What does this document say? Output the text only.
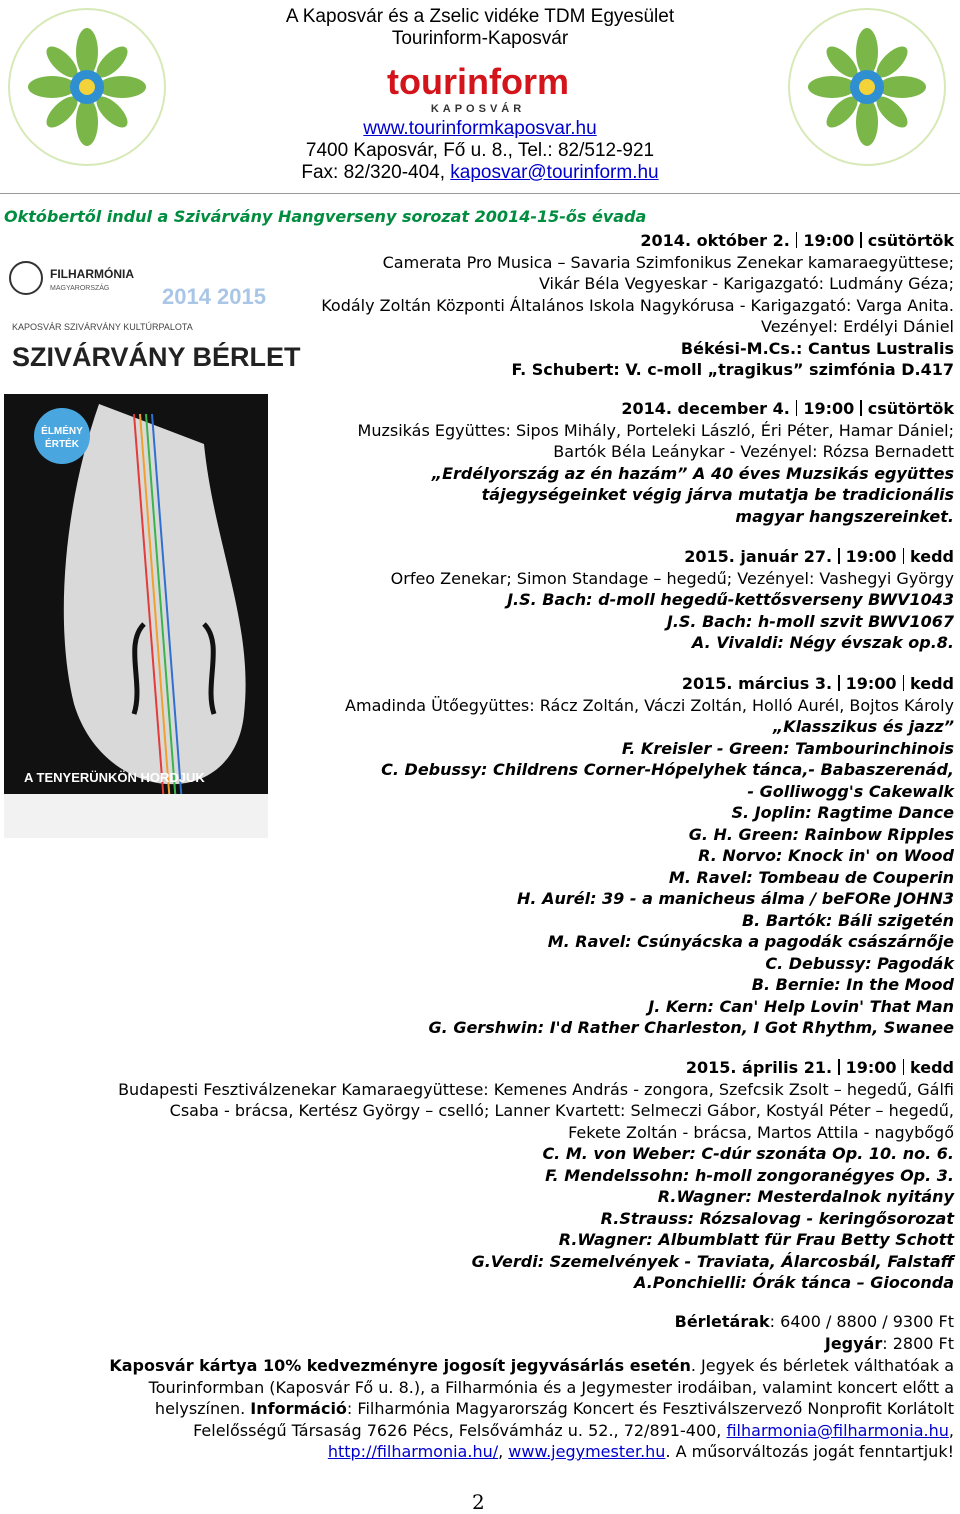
A Kaposvár és a Zselic vidéke TDM Egyesület
Tourinform-Kaposvár
tourinform
KAPOSVÁR
www.tourinformkaposvar.hu
7400 Kaposvár, Fő u. 8., Tel.: 82/512-921
Fax: 82/320-404, kaposvar@tourinform.hu
Októbertől indul a Szivárvány Hangverseny sorozat 20014-15-ős évada
FILHARMÓNIA
MAGYARORSZÁG 2014 2015
KAPOSVÁR SZIVÁRVÁNY KULTÚRPALOTA
SZIVÁRVÁNY BÉRLET
ÉLMÉNY
ÉRTÉK
A TENYERÜNKÖN HORDJUK
2014. október 2. 19:00 csütörtök
Camerata Pro Musica – Savaria Szimfonikus Zenekar kamaraegyüttese;
Vikár Béla Vegyeskar - Karigazgató: Ludmány Géza;
Kodály Zoltán Központi Általános Iskola Nagykórusa - Karigazgató: Varga Anita.
Vezényel: Erdélyi Dániel
Békési-M.Cs.: Cantus Lustralis
F. Schubert: V. c-moll „tragikus” szimfónia D.417
2014. december 4. 19:00 csütörtök
Muzsikás Együttes: Sipos Mihály, Porteleki László, Éri Péter, Hamar Dániel;
Bartók Béla Leánykar - Vezényel: Rózsa Bernadett
„Erdélyország az én hazám” A 40 éves Muzsikás együttes
tájegységeinket végig járva mutatja be tradicionális
magyar hangszereinket.
2015. január 27. 19:00 kedd
Orfeo Zenekar; Simon Standage – hegedű; Vezényel: Vashegyi György
J.S. Bach: d-moll hegedű-kettősverseny BWV1043
J.S. Bach: h-moll szvit BWV1067
A. Vivaldi: Négy évszak op.8.
2015. március 3. 19:00 kedd
Amadinda Ütőegyüttes: Rácz Zoltán, Váczi Zoltán, Holló Aurél, Bojtos Károly
„Klasszikus és jazz”
F. Kreisler - Green: Tambourinchinois
C. Debussy: Childrens Corner-Hópelyhek tánca,- Babaszerenád,
- Golliwogg's Cakewalk
S. Joplin: Ragtime Dance
G. H. Green: Rainbow Ripples
R. Norvo: Knock in' on Wood
M. Ravel: Tombeau de Couperin
H. Aurél: 39 - a manicheus álma / beFORe JOHN3
B. Bartók: Báli szigetén
M. Ravel: Csúnyácska a pagodák császárnője
C. Debussy: Pagodák
B. Bernie: In the Mood
J. Kern: Can' Help Lovin' That Man
G. Gershwin: I'd Rather Charleston, I Got Rhythm, Swanee
2015. április 21. 19:00 kedd
Budapesti Fesztiválzenekar Kamaraegyüttese: Kemenes András - zongora, Szefcsik Zsolt – hegedű, Gálfi
Csaba - brácsa, Kertész György – cselló; Lanner Kvartett: Selmeczi Gábor, Kostyál Péter – hegedű,
Fekete Zoltán - brácsa, Martos Attila - nagybőgő
C. M. von Weber: C-dúr szonáta Op. 10. no. 6.
F. Mendelssohn: h-moll zongoranégyes Op. 3.
R.Wagner: Mesterdalnok nyitány
R.Strauss: Rózsalovag - keringősorozat
R.Wagner: Albumblatt für Frau Betty Schott
G.Verdi: Szemelvények - Traviata, Álarcosbál, Falstaff
A.Ponchielli: Órák tánca – Gioconda
Bérletárak: 6400 / 8800 / 9300 Ft
Jegyár: 2800 Ft
Kaposvár kártya 10% kedvezményre jogosít jegyvásárlás esetén. Jegyek és bérletek válthatóak a
Tourinformban (Kaposvár Fő u. 8.), a Filharmónia és a Jegymester irodáiban, valamint koncert előtt a
helyszínen. Információ: Filharmónia Magyarország Koncert és Fesztiválszervező Nonprofit Korlátolt
Felelősségű Társaság 7626 Pécs, Felsővámház u. 52., 72/891-400, filharmonia@filharmonia.hu,
http://filharmonia.hu/, www.jegymester.hu. A műsorváltozás jogát fenntartjuk!
2
